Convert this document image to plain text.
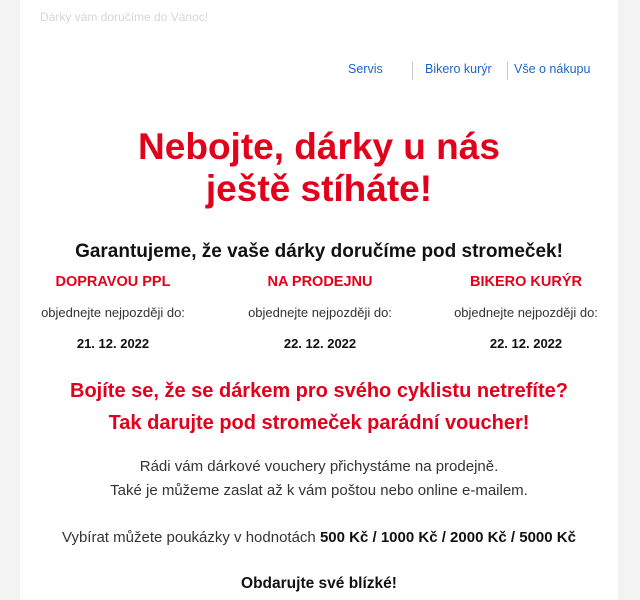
Dárky vám doručíme do Vánoc!
Servis	Bikero kurýr Vše o nákupu
Nebojte, dárky u nás
ještě stíháte!
Garantujeme, že vaše dárky doručíme pod stromeček!
DOPRAVOU PPL
objednejte nejpozději do:
21. 12. 2022
NA PRODEJNU
objednejte nejpozději do:
22. 12. 2022
BIKERO KURÝR
objednejte nejpozději do:
22. 12. 2022
Bojíte se, že se dárkem pro svého cyklistu netrefíte?
Tak darujte pod stromeček parádní voucher!
Rádi vám dárkové vouchery přichystáme na prodejně.
Také je můžeme zaslat až k vám poštou nebo online e-mailem.
Vybírat můžete poukázky v hodnotách 500 Kč / 1000 Kč / 2000 Kč / 5000 Kč
Obdarujte své blízké!
